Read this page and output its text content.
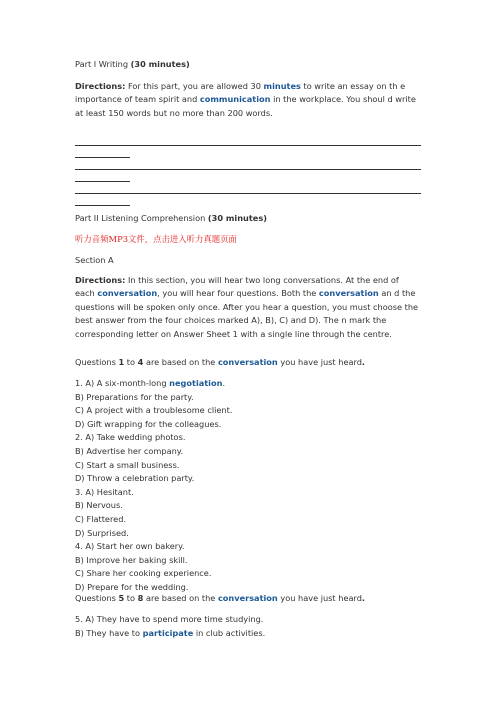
Part I Writing (30 minutes)

Directions: For this part, you are allowed 30 minutes to write an essay on th e importance of team spirit and communication in the workplace. You shoul d write at least 150 words but no more than 200 words.

Part II Listening Comprehension (30 minutes)

听力音频MP3文件，点击进入听力真题页面

Section A

Directions: In this section, you will hear two long conversations. At the end of each conversation, you will hear four questions. Both the conversation an d the questions will be spoken only once. After you hear a question, you must choose the best answer from the four choices marked A), B), C) and D). The n mark the corresponding letter on Answer Sheet 1 with a single line through the centre.

Questions 1 to 4 are based on the conversation you have just heard.

1. A) A six-month-long negotiation.
B) Preparations for the party.
C) A project with a troublesome client.
D) Gift wrapping for the colleagues.
2. A) Take wedding photos.
B) Advertise her company.
C) Start a small business.
D) Throw a celebration party.
3. A) Hesitant.
B) Nervous.
C) Flattered.
D) Surprised.
4. A) Start her own bakery.
B) Improve her baking skill.
C) Share her cooking experience.
D) Prepare for the wedding.

Questions 5 to 8 are based on the conversation you have just heard.

5. A) They have to spend more time studying.
B) They have to participate in club activities.
